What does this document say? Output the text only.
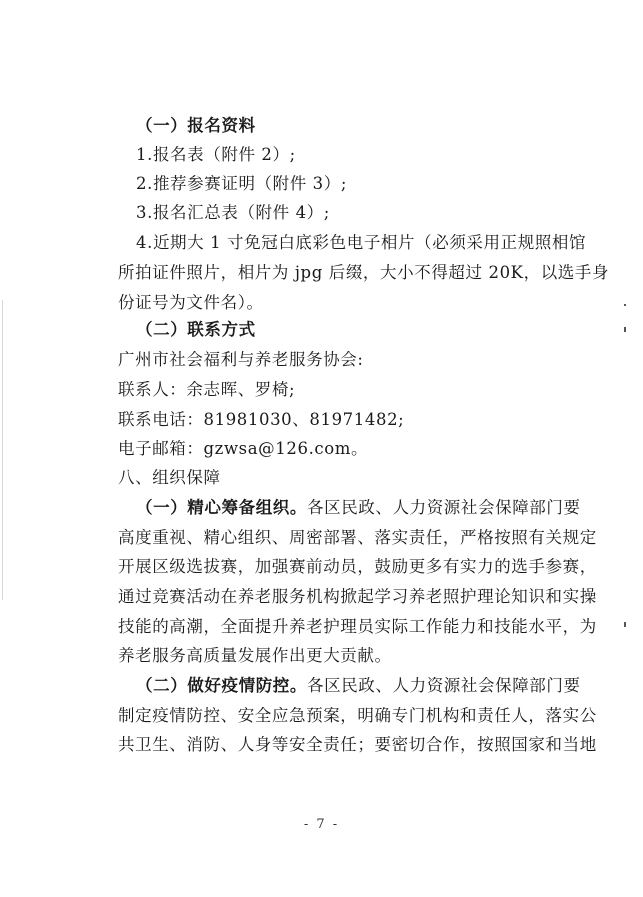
（一）报名资料
1.报名表（附件 2）;
2.推荐参赛证明（附件 3）;
3.报名汇总表（附件 4）;
4.近期大 1 寸免冠白底彩色电子相片（必须采用正规照相馆
所拍证件照片，相片为 jpg 后缀，大小不得超过 20K，以选手身
份证号为文件名）。
（二）联系方式
广州市社会福利与养老服务协会:
联系人：余志晖、罗椅;
联系电话：81981030、81971482;
电子邮箱：gzwsa@126.com。
八、组织保障
（一）精心筹备组织。各区民政、人力资源社会保障部门要
高度重视、精心组织、周密部署、落实责任，严格按照有关规定
开展区级选拔赛，加强赛前动员，鼓励更多有实力的选手参赛，
通过竞赛活动在养老服务机构掀起学习养老照护理论知识和实操
技能的高潮，全面提升养老护理员实际工作能力和技能水平，为
养老服务高质量发展作出更大贡献。
（二）做好疫情防控。各区民政、人力资源社会保障部门要
制定疫情防控、安全应急预案，明确专门机构和责任人，落实公
共卫生、消防、人身等安全责任；要密切合作，按照国家和当地
- 7 -
